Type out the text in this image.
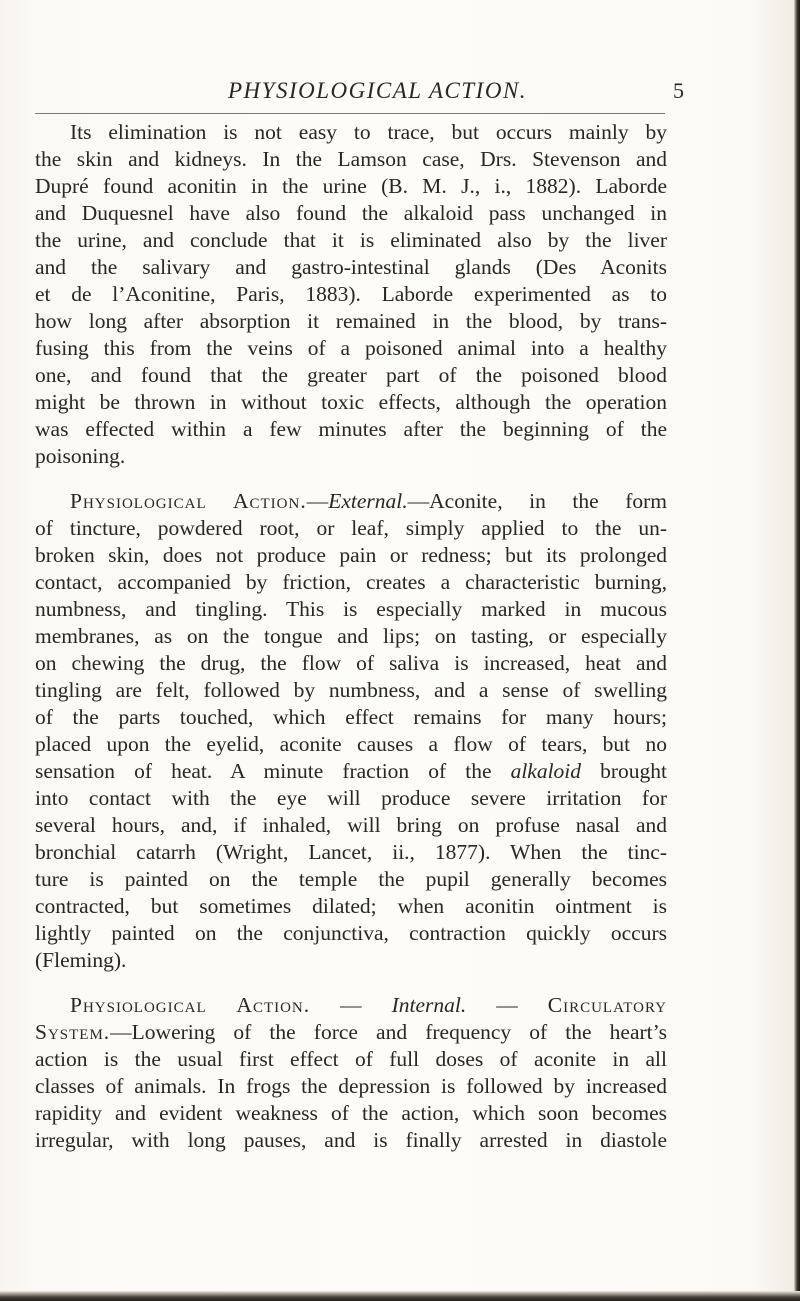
PHYSIOLOGICAL ACTION.	5
Its elimination is not easy to trace, but occurs mainly by
the skin and kidneys. In the Lamson case, Drs. Stevenson and
Dupré found aconitin in the urine (B. M. J., i., 1882). Laborde
and Duquesnel have also found the alkaloid pass unchanged in
the urine, and conclude that it is eliminated also by the liver
and the salivary and gastro-intestinal glands (Des Aconits
et de l’Aconitine, Paris, 1883). Laborde experimented as to
how long after absorption it remained in the blood, by trans-
fusing this from the veins of a poisoned animal into a healthy
one, and found that the greater part of the poisoned blood
might be thrown in without toxic effects, although the operation
was effected within a few minutes after the beginning of the
poisoning.
Physiological Action.—External.—Aconite, in the form
of tincture, powdered root, or leaf, simply applied to the un-
broken skin, does not produce pain or redness; but its prolonged
contact, accompanied by friction, creates a characteristic burning,
numbness, and tingling. This is especially marked in mucous
membranes, as on the tongue and lips; on tasting, or especially
on chewing the drug, the flow of saliva is increased, heat and
tingling are felt, followed by numbness, and a sense of swelling
of the parts touched, which effect remains for many hours;
placed upon the eyelid, aconite causes a flow of tears, but no
sensation of heat. A minute fraction of the alkaloid brought
into contact with the eye will produce severe irritation for
several hours, and, if inhaled, will bring on profuse nasal and
bronchial catarrh (Wright, Lancet, ii., 1877). When the tinc-
ture is painted on the temple the pupil generally becomes
contracted, but sometimes dilated; when aconitin ointment is
lightly painted on the conjunctiva, contraction quickly occurs
(Fleming).
Physiological Action. — Internal. — Circulatory
System.—Lowering of the force and frequency of the heart’s
action is the usual first effect of full doses of aconite in all
classes of animals. In frogs the depression is followed by increased
rapidity and evident weakness of the action, which soon becomes
irregular, with long pauses, and is finally arrested in diastole
